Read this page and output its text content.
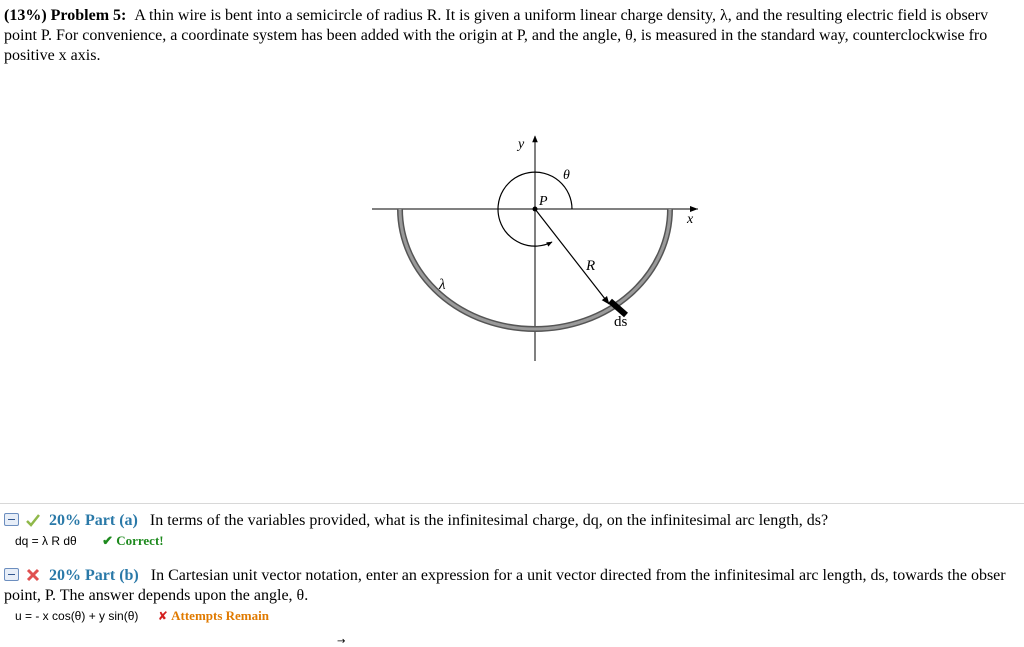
(13%) Problem 5: A thin wire is bent into a semicircle of radius R. It is given a uniform linear charge density, λ, and the resulting electric field is observ
point P. For convenience, a coordinate system has been added with the origin at P, and the angle, θ, is measured in the standard way, counterclockwise fro
positive x axis.
y
x
θ
P
R
λ
ds
20% Part (a) In terms of the variables provided, what is the infinitesimal charge, dq, on the infinitesimal arc length, ds?
dq = λ R dθ ✔ Correct!
20% Part (b) In Cartesian unit vector notation, enter an expression for a unit vector directed from the infinitesimal arc length, ds, towards the obser
point, P. The answer depends upon the angle, θ.
u = - x cos(θ) + y sin(θ) ✘ Attempts Remain
→
